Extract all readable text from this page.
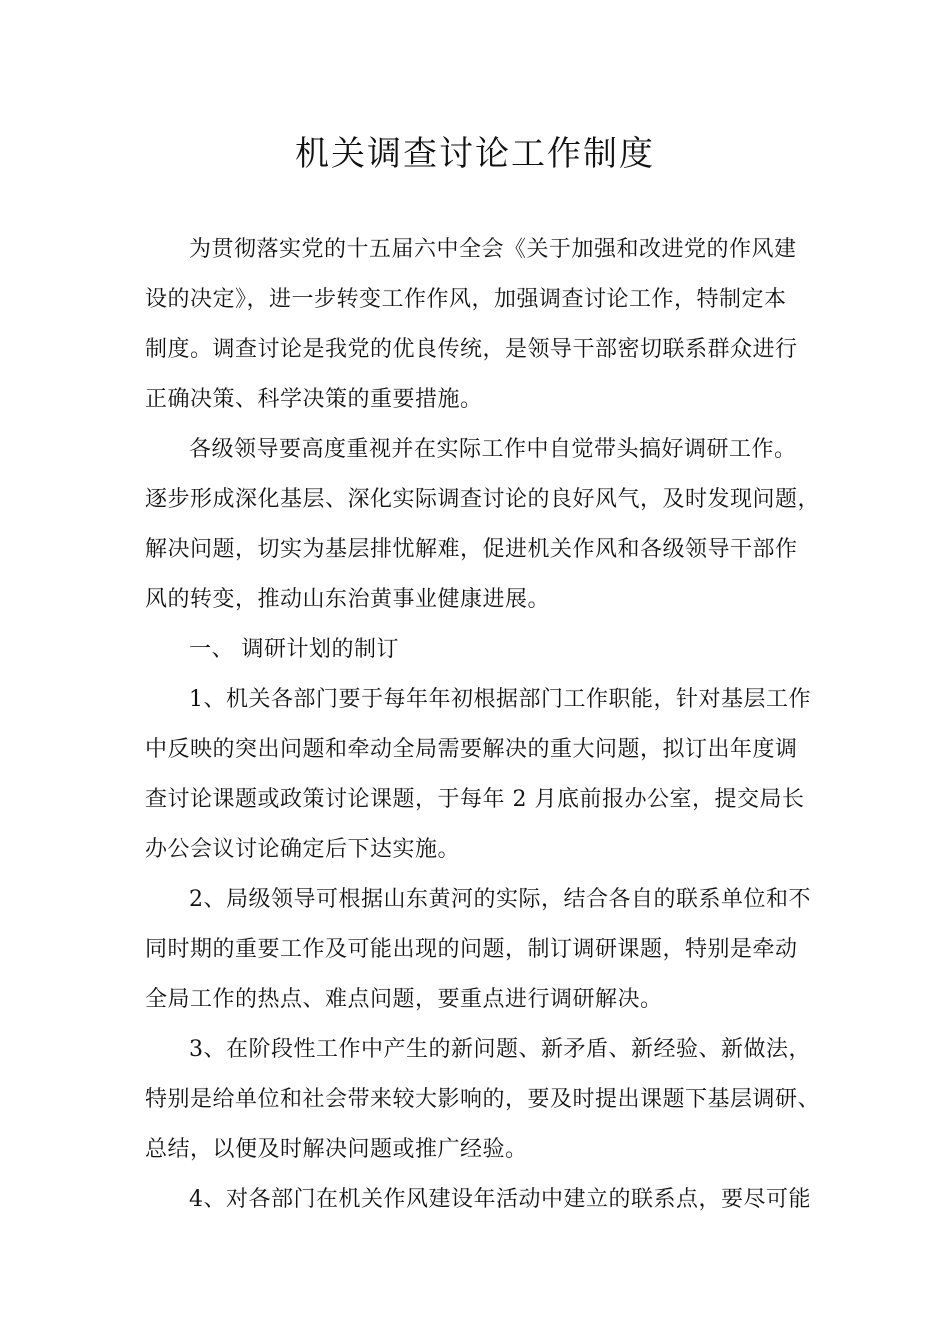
机关调查讨论工作制度
为贯彻落实党的十五届六中全会《关于加强和改进党的作风建
设的决定》，进一步转变工作作风，加强调查讨论工作，特制定本
制度。调查讨论是我党的优良传统，是领导干部密切联系群众进行
正确决策、科学决策的重要措施。
各级领导要高度重视并在实际工作中自觉带头搞好调研工作。
逐步形成深化基层、深化实际调查讨论的良好风气，及时发现问题，
解决问题，切实为基层排忧解难，促进机关作风和各级领导干部作
风的转变，推动山东治黄事业健康进展。
一、 调研计划的制订
1、机关各部门要于每年年初根据部门工作职能，针对基层工作
中反映的突出问题和牵动全局需要解决的重大问题，拟订出年度调
查讨论课题或政策讨论课题，于每年 2 月底前报办公室，提交局长
办公会议讨论确定后下达实施。
2、局级领导可根据山东黄河的实际，结合各自的联系单位和不
同时期的重要工作及可能出现的问题，制订调研课题，特别是牵动
全局工作的热点、难点问题，要重点进行调研解决。
3、在阶段性工作中产生的新问题、新矛盾、新经验、新做法，
特别是给单位和社会带来较大影响的，要及时提出课题下基层调研、
总结，以便及时解决问题或推广经验。
4、对各部门在机关作风建设年活动中建立的联系点，要尽可能
